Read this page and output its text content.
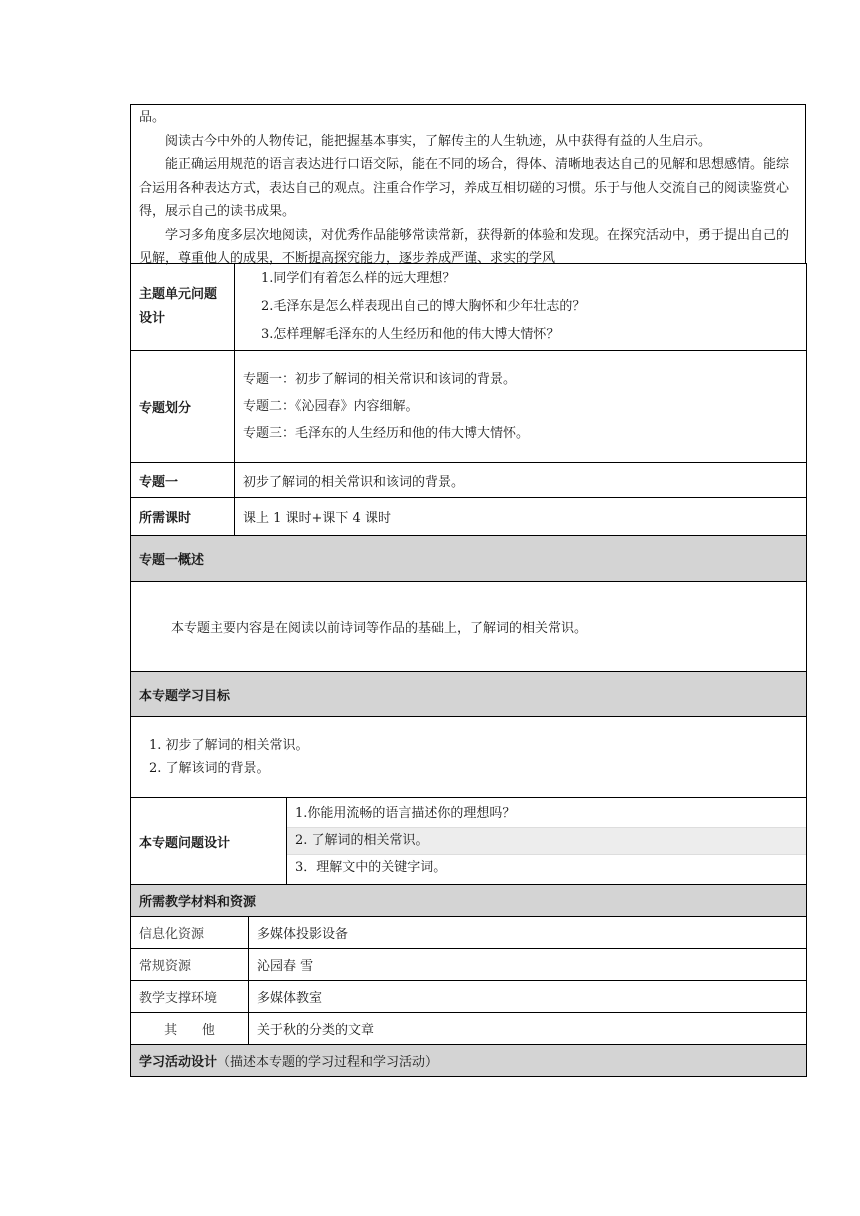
品。

阅读古今中外的人物传记，能把握基本事实，了解传主的人生轨迹，从中获得有益的人生启示。

能正确运用规范的语言表达进行口语交际，能在不同的场合，得体、清晰地表达自己的见解和思想感情。能综合运用各种表达方式，表达自己的观点。注重合作学习，养成互相切磋的习惯。乐于与他人交流自己的阅读鉴赏心得，展示自己的读书成果。

学习多角度多层次地阅读，对优秀作品能够常读常新，获得新的体验和发现。在探究活动中，勇于提出自己的见解，尊重他人的成果，不断提高探究能力，逐步养成严谨、求实的学风

主题单元问题设计	1.同学们有着怎么样的远大理想？
2.毛泽东是怎么样表现出自己的博大胸怀和少年壮志的？
3.怎样理解毛泽东的人生经历和他的伟大博大情怀？		

专题划分	专题一：初步了解词的相关常识和该词的背景。
专题二：《沁园春》内容细解。
专题三：毛泽东的人生经历和他的伟大博大情怀。		

专题一	初步了解词的相关常识和该词的背景。		
所需课时	课上 1 课时+课下 4 课时		
专题一概述			
本专题主要内容是在阅读以前诗词等作品的基础上，了解词的相关常识。			
本专题学习目标			

1. 初步了解词的相关常识。
2. 了解该词的背景。			

本专题问题设计			1.你能用流畅的语言描述你的理想吗？
2. 了解词的相关常识。
3．理解文中的关键字词。

所需教学材料和资源			
信息化资源		多媒体投影设备	
常规资源		沁园春 雪	
教学支撑环境		多媒体教室	
其      他		关于秋的分类的文章	
学习活动设计（描述本专题的学习过程和学习活动）			
